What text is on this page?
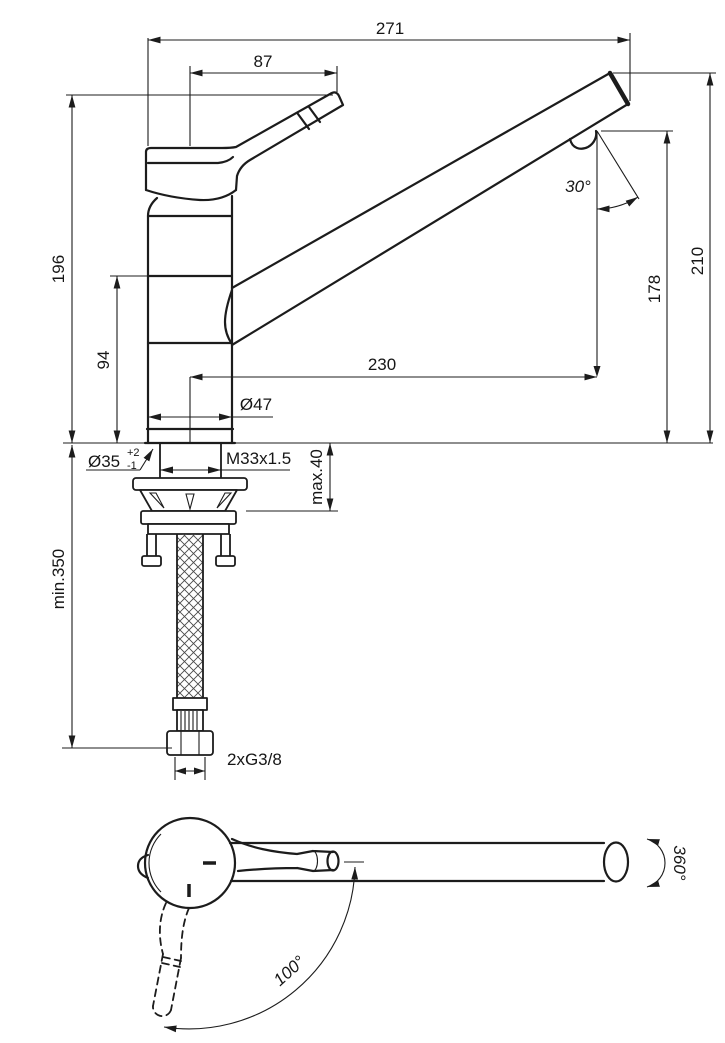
271
87
230
Ø47
Ø35 +2
-1	M33x1.5
2xG3/8
30°
196
94
210
178
max.40
min.350
100°
360°
